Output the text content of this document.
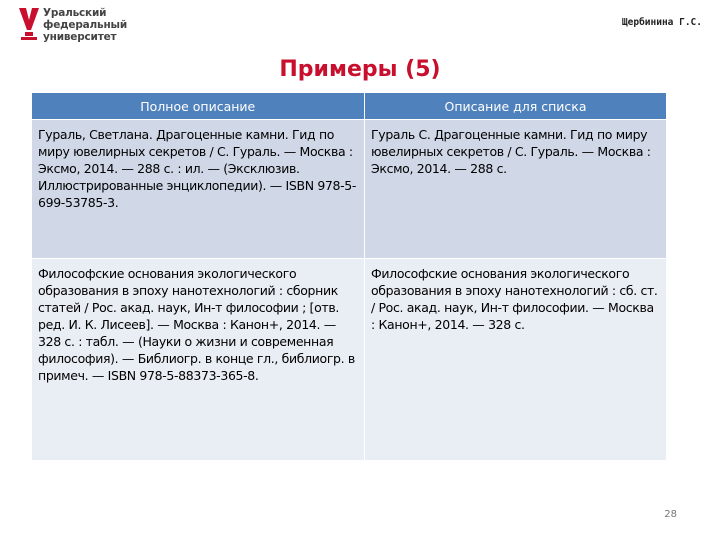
Уральский
федеральный
университет
Щербинина Г.С.
Примеры (5)
Полное описание	Описание для списка
Гураль, Светлана. Драгоценные камни. Гид по миру ювелирных секретов / С. Гураль. — Москва : Эксмо, 2014. — 288 с. : ил. — (Эксклюзив. Иллюстрированные энциклопедии). — ISBN 978-5-699-53785-3.	Гураль С. Драгоценные камни. Гид по миру ювелирных секретов / С. Гураль. — Москва : Эксмо, 2014. — 288 с.
Философские основания экологического образования в эпоху нанотехнологий : сборник статей / Рос. акад. наук, Ин-т философии ; [отв. ред. И. К. Лисеев]. — Москва : Канон+, 2014. — 328 с. : табл. — (Науки о жизни и современная философия). — Библиогр. в конце гл., библиогр. в примеч. — ISBN 978-5-88373-365-8.	Философские основания экологического образования в эпоху нанотехнологий : сб. ст. / Рос. акад. наук, Ин-т философии. — Москва : Канон+, 2014. — 328 с.
28
